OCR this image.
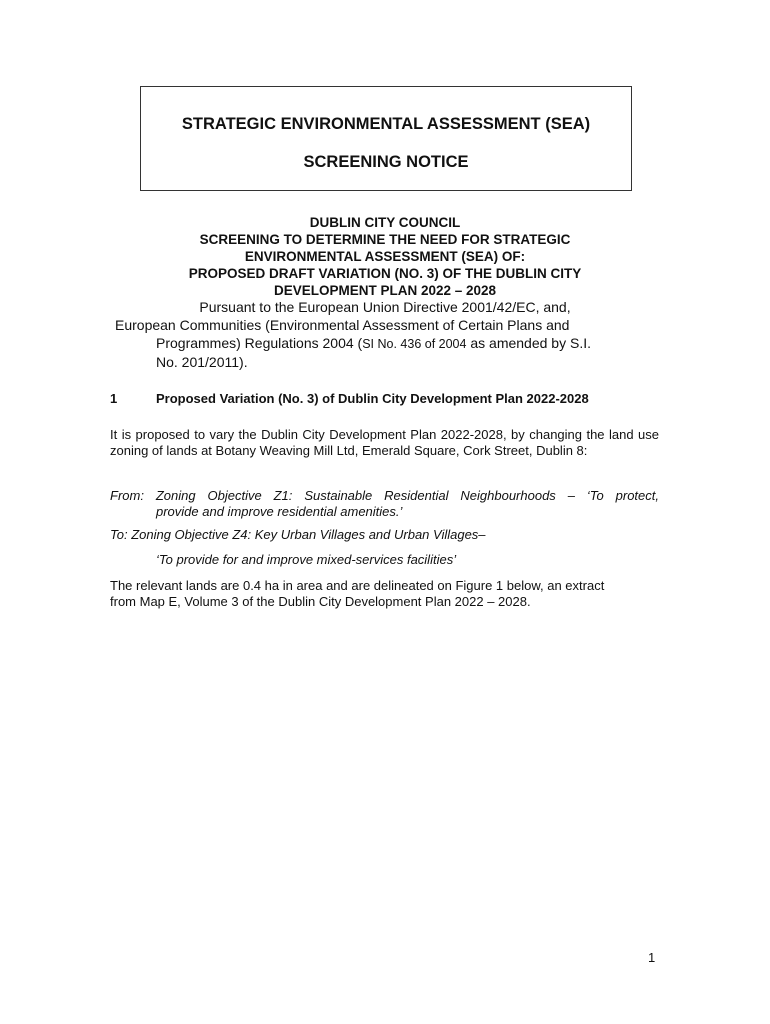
STRATEGIC ENVIRONMENTAL ASSESSMENT (SEA)
SCREENING NOTICE
DUBLIN CITY COUNCIL
SCREENING TO DETERMINE THE NEED FOR STRATEGIC
ENVIRONMENTAL ASSESSMENT (SEA) OF:
PROPOSED DRAFT VARIATION (NO. 3) OF THE DUBLIN CITY
DEVELOPMENT PLAN 2022 – 2028
Pursuant to the European Union Directive 2001/42/EC, and,
European Communities (Environmental Assessment of Certain Plans and
Programmes) Regulations 2004 (SI No. 436 of 2004 as amended by S.I.
No. 201/2011).
1	Proposed Variation (No. 3) of Dublin City Development Plan 2022-2028
It is proposed to vary the Dublin City Development Plan 2022-2028, by changing the land use zoning of lands at Botany Weaving Mill Ltd, Emerald Square, Cork Street, Dublin 8:
From: Zoning Objective Z1: Sustainable Residential Neighbourhoods – ‘To protect,
provide and improve residential amenities.’
To: Zoning Objective Z4: Key Urban Villages and Urban Villages–
‘To provide for and improve mixed-services facilities’
The relevant lands are 0.4 ha in area and are delineated on Figure 1 below, an extract
from Map E, Volume 3 of the Dublin City Development Plan 2022 – 2028.
1
